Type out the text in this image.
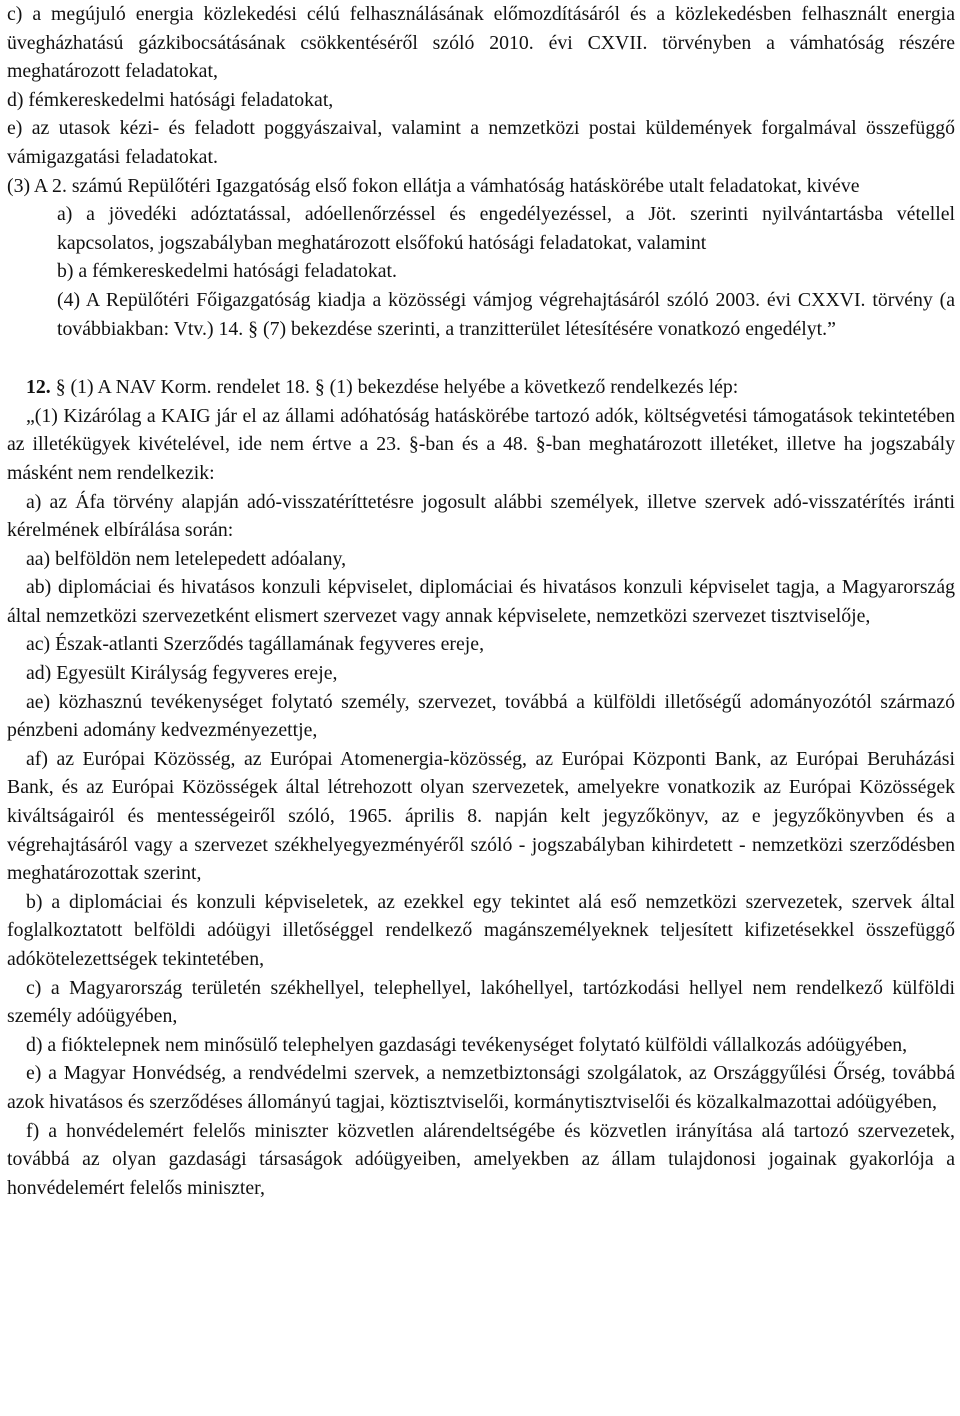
c) a megújuló energia közlekedési célú felhasználásának előmozdításáról és a közlekedésben felhasznált energia üvegházhatású gázkibocsátásának csökkentéséről szóló 2010. évi CXVII. törvényben a vámhatóság részére meghatározott feladatokat,

d) fémkereskedelmi hatósági feladatokat,

e) az utasok kézi- és feladott poggyászaival, valamint a nemzetközi postai küldemények forgalmával összefüggő vámigazgatási feladatokat.

(3) A 2. számú Repülőtéri Igazgatóság első fokon ellátja a vámhatóság hatáskörébe utalt feladatokat, kivéve

a) a jövedéki adóztatással, adóellenőrzéssel és engedélyezéssel, a Jöt. szerinti nyilvántartásba vétellel kapcsolatos, jogszabályban meghatározott elsőfokú hatósági feladatokat, valamint

b) a fémkereskedelmi hatósági feladatokat.

(4) A Repülőtéri Főigazgatóság kiadja a közösségi vámjog végrehajtásáról szóló 2003. évi CXXVI. törvény (a továbbiakban: Vtv.) 14. § (7) bekezdése szerinti, a tranzitterület létesítésére vonatkozó engedélyt.”

12. § (1) A NAV Korm. rendelet 18. § (1) bekezdése helyébe a következő rendelkezés lép:

„(1) Kizárólag a KAIG jár el az állami adóhatóság hatáskörébe tartozó adók, költségvetési támogatások tekintetében az illetékügyek kivételével, ide nem értve a 23. §-ban és a 48. §-ban meghatározott illetéket, illetve ha jogszabály másként nem rendelkezik:

a) az Áfa törvény alapján adó-visszatéríttetésre jogosult alábbi személyek, illetve szervek adó-visszatérítés iránti kérelmének elbírálása során:

aa) belföldön nem letelepedett adóalany,

ab) diplomáciai és hivatásos konzuli képviselet, diplomáciai és hivatásos konzuli képviselet tagja, a Magyarország által nemzetközi szervezetként elismert szervezet vagy annak képviselete, nemzetközi szervezet tisztviselője,

ac) Észak-atlanti Szerződés tagállamának fegyveres ereje,

ad) Egyesült Királyság fegyveres ereje,

ae) közhasznú tevékenységet folytató személy, szervezet, továbbá a külföldi illetőségű adományozótól származó pénzbeni adomány kedvezményezettje,

af) az Európai Közösség, az Európai Atomenergia-közösség, az Európai Központi Bank, az Európai Beruházási Bank, és az Európai Közösségek által létrehozott olyan szervezetek, amelyekre vonatkozik az Európai Közösségek kiváltságairól és mentességeiről szóló, 1965. április 8. napján kelt jegyzőkönyv, az e jegyzőkönyvben és a végrehajtásáról vagy a szervezet székhelyegyezményéről szóló - jogszabályban kihirdetett - nemzetközi szerződésben meghatározottak szerint,

b) a diplomáciai és konzuli képviseletek, az ezekkel egy tekintet alá eső nemzetközi szervezetek, szervek által foglalkoztatott belföldi adóügyi illetőséggel rendelkező magánszemélyeknek teljesített kifizetésekkel összefüggő adókötelezettségek tekintetében,

c) a Magyarország területén székhellyel, telephellyel, lakóhellyel, tartózkodási hellyel nem rendelkező külföldi személy adóügyében,

d) a fióktelepnek nem minősülő telephelyen gazdasági tevékenységet folytató külföldi vállalkozás adóügyében,

e) a Magyar Honvédség, a rendvédelmi szervek, a nemzetbiztonsági szolgálatok, az Országgyűlési Őrség, továbbá azok hivatásos és szerződéses állományú tagjai, köztisztviselői, kormánytisztviselői és közalkalmazottai adóügyében,

f) a honvédelemért felelős miniszter közvetlen alárendeltségébe és közvetlen irányítása alá tartozó szervezetek, továbbá az olyan gazdasági társaságok adóügyeiben, amelyekben az állam tulajdonosi jogainak gyakorlója a honvédelemért felelős miniszter,
